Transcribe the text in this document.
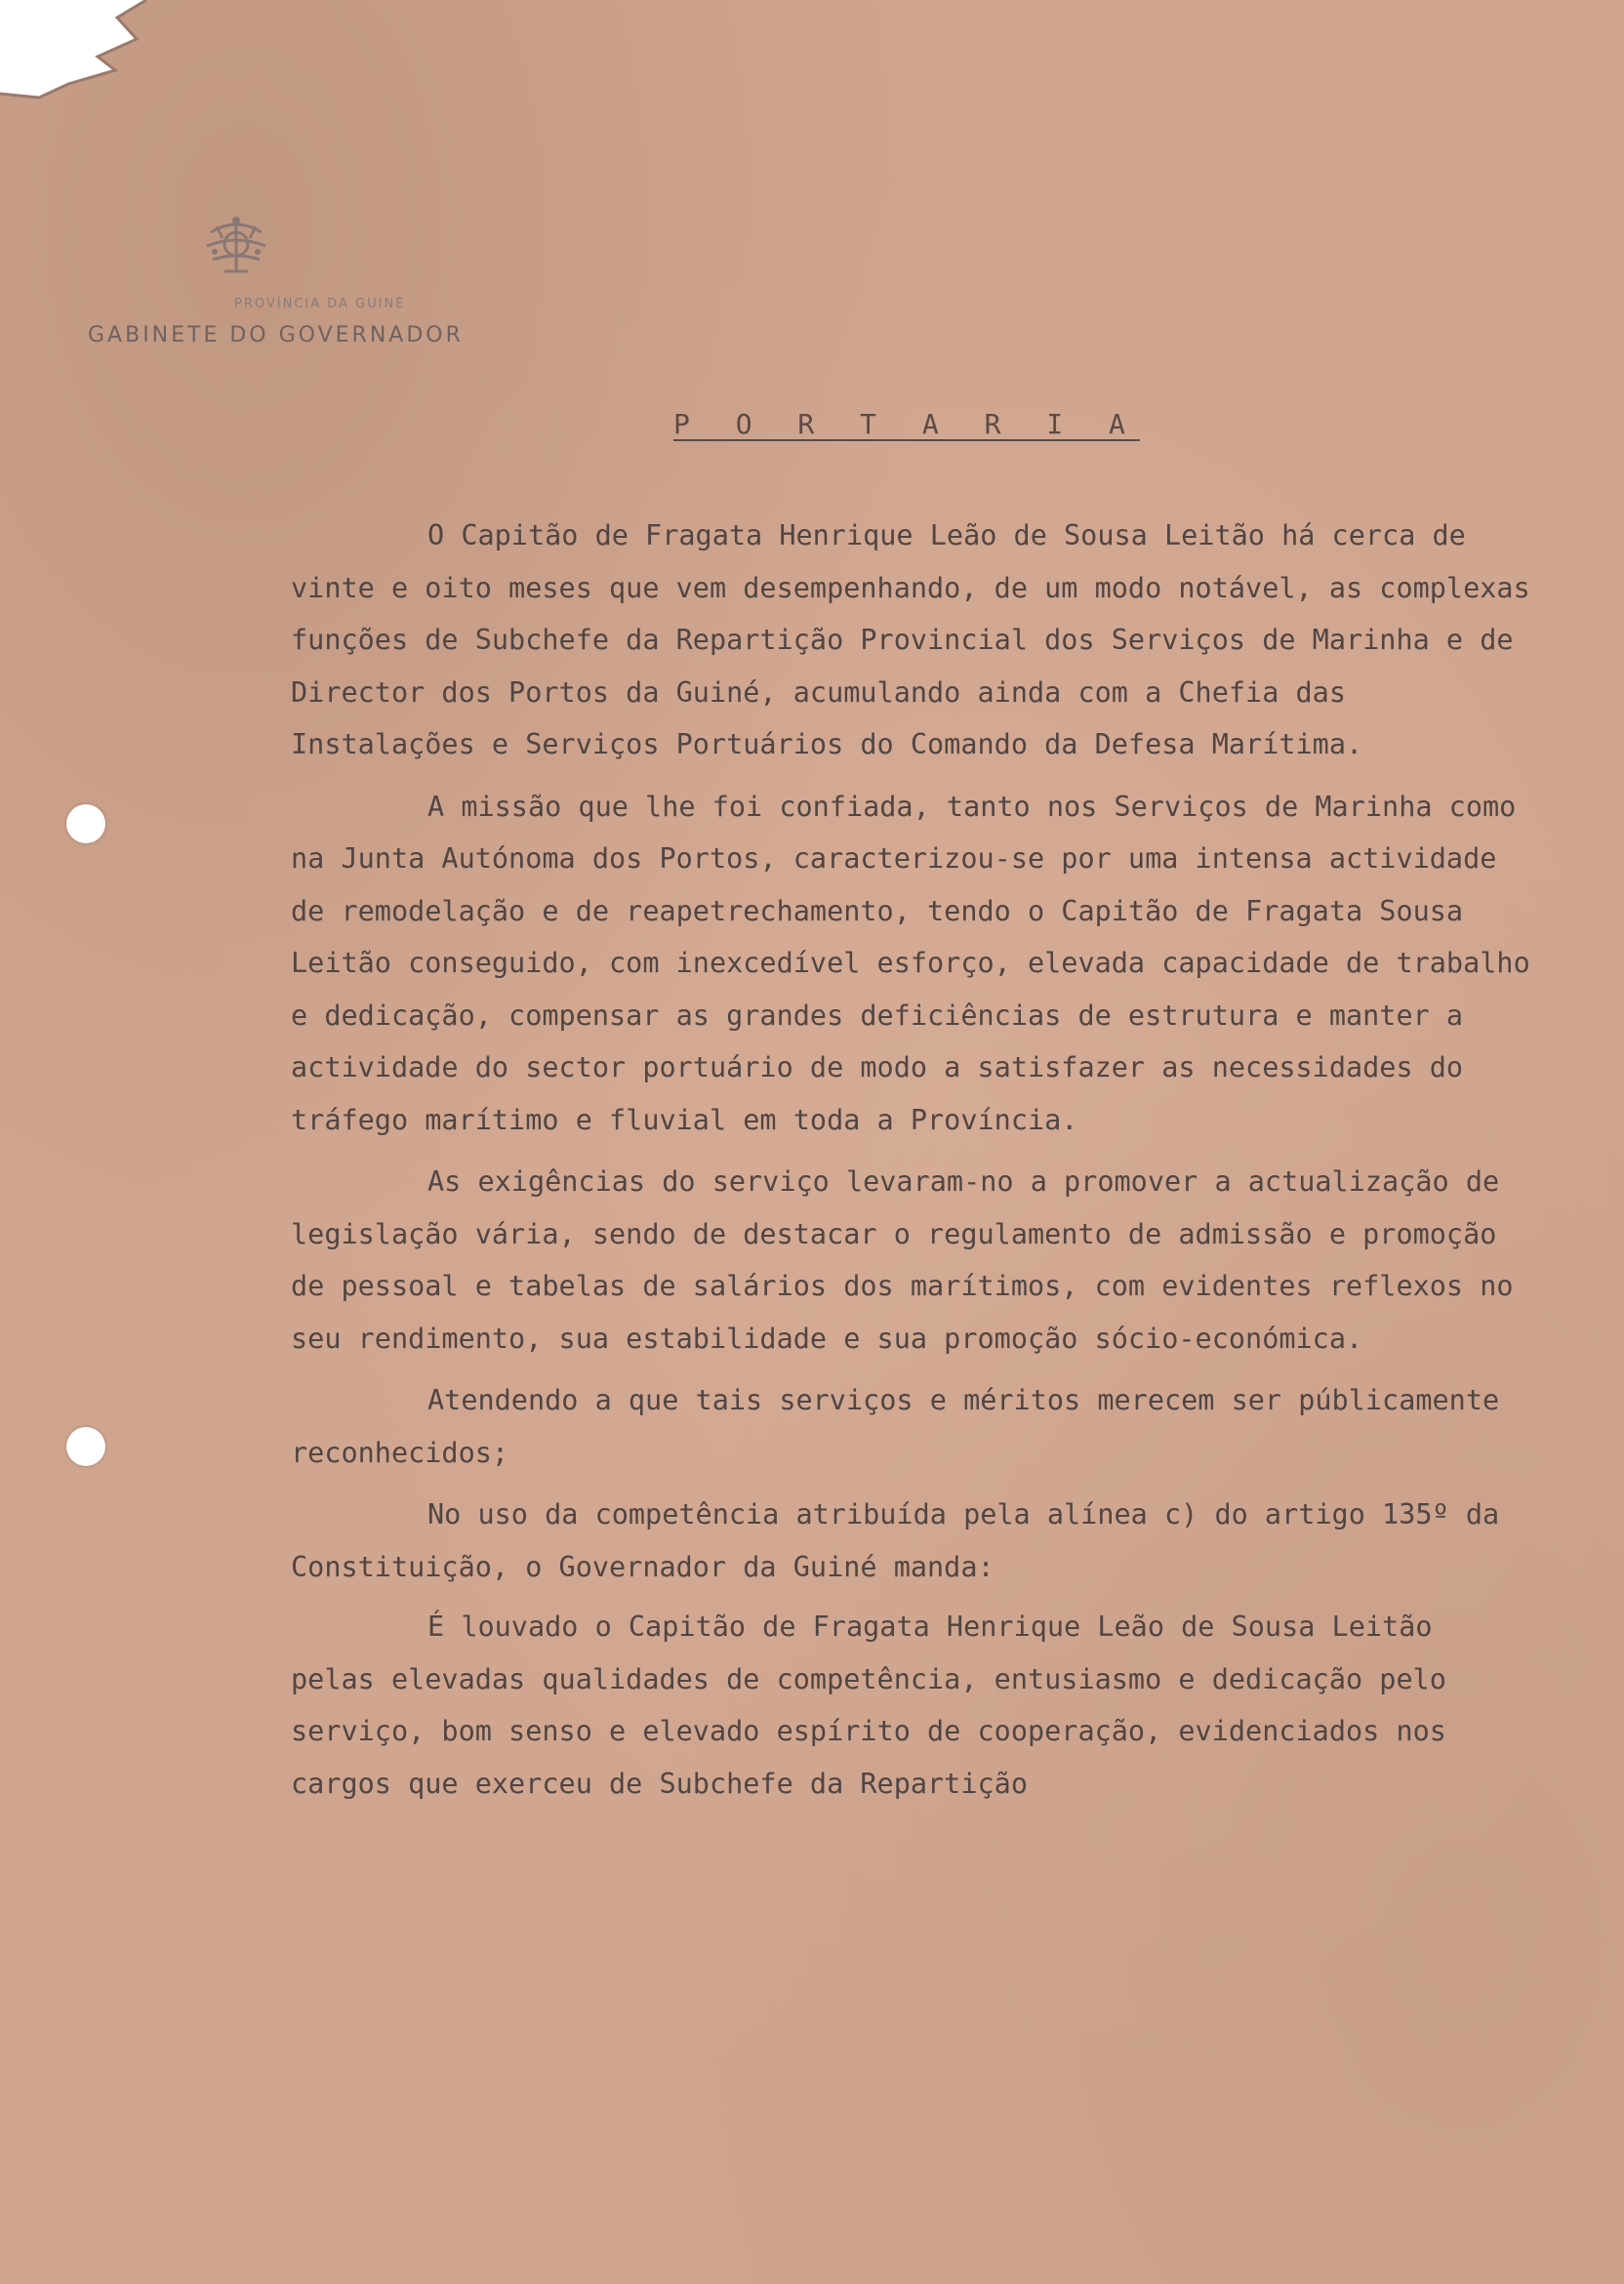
PROVÍNCIA DA GUINÉ
GABINETE DO GOVERNADOR
P O R T A R I A

O Capitão de Fragata Henrique Leão de Sousa Leitão há cerca de vinte e oito meses que vem desempenhando, de um modo notável, as complexas funções de Subchefe da Repartição Provincial dos Serviços de Marinha e de Director dos Portos da Guiné, acumulando ainda com a Chefia das Instalações e Serviços Portuários do Comando da Defesa Marítima.

A missão que lhe foi confiada, tanto nos Serviços de Marinha como na Junta Autónoma dos Portos, caracterizou-se por uma intensa actividade de remodelação e de reapetrechamento, tendo o Capitão de Fragata Sousa Leitão conseguido, com inexcedível esforço, elevada capacidade de trabalho e dedicação, compensar as grandes deficiências de estrutura e manter a actividade do sector portuário de modo a satisfazer as necessidades do tráfego marítimo e fluvial em toda a Província.

As exigências do serviço levaram-no a promover a actualização de legislação vária, sendo de destacar o regulamento de admissão e promoção de pessoal e tabelas de salários dos marítimos, com evidentes reflexos no seu rendimento, sua estabilidade e sua promoção sócio-económica.

Atendendo a que tais serviços e méritos merecem ser públicamente reconhecidos;

No uso da competência atribuída pela alínea c) do artigo 135º da Constituição, o Governador da Guiné manda:

É louvado o Capitão de Fragata Henrique Leão de Sousa Leitão pelas elevadas qualidades de competência, entusiasmo e dedicação pelo serviço, bom senso e elevado espírito de cooperação, evidenciados nos cargos que exerceu de Subchefe da Repartição
